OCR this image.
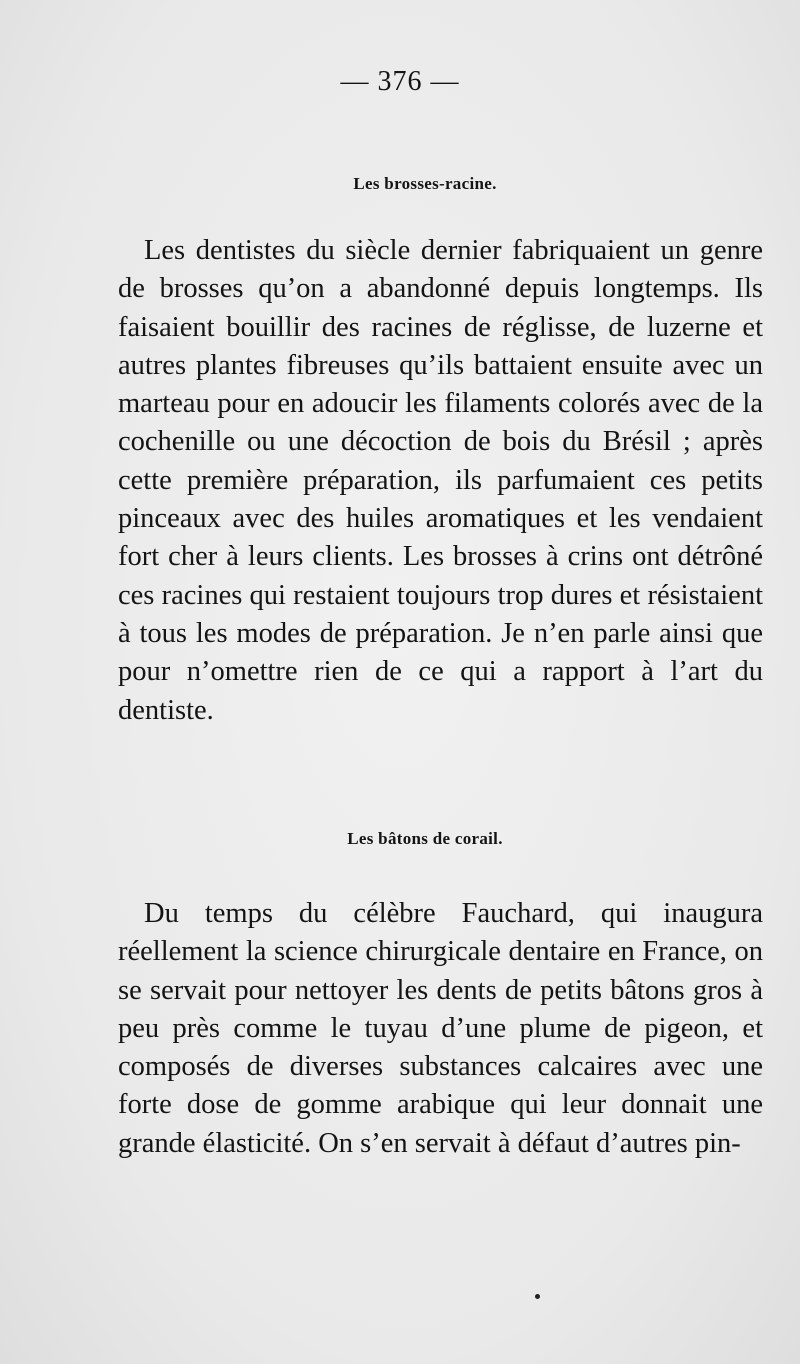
— 376 —
Les brosses-racine.

Les dentistes du siècle dernier fabriquaient un genre de brosses qu’on a abandonné depuis longtemps. Ils faisaient bouillir des racines de réglisse, de luzerne et autres plantes fibreuses qu’ils battaient ensuite avec un marteau pour en adoucir les filaments colorés avec de la cochenille ou une décoction de bois du Brésil ; après cette première préparation, ils parfumaient ces petits pinceaux avec des huiles aromatiques et les vendaient fort cher à leurs clients. Les brosses à crins ont détrôné ces racines qui restaient toujours trop dures et résistaient à tous les modes de préparation. Je n’en parle ainsi que pour n’omettre rien de ce qui a rapport à l’art du dentiste.

Les bâtons de corail.

Du temps du célèbre Fauchard, qui inaugura réellement la science chirurgicale dentaire en France, on se servait pour nettoyer les dents de petits bâtons gros à peu près comme le tuyau d’une plume de pigeon, et composés de diverses substances calcaires avec une forte dose de gomme arabique qui leur donnait une grande élasticité. On s’en servait à défaut d’autres pin-
